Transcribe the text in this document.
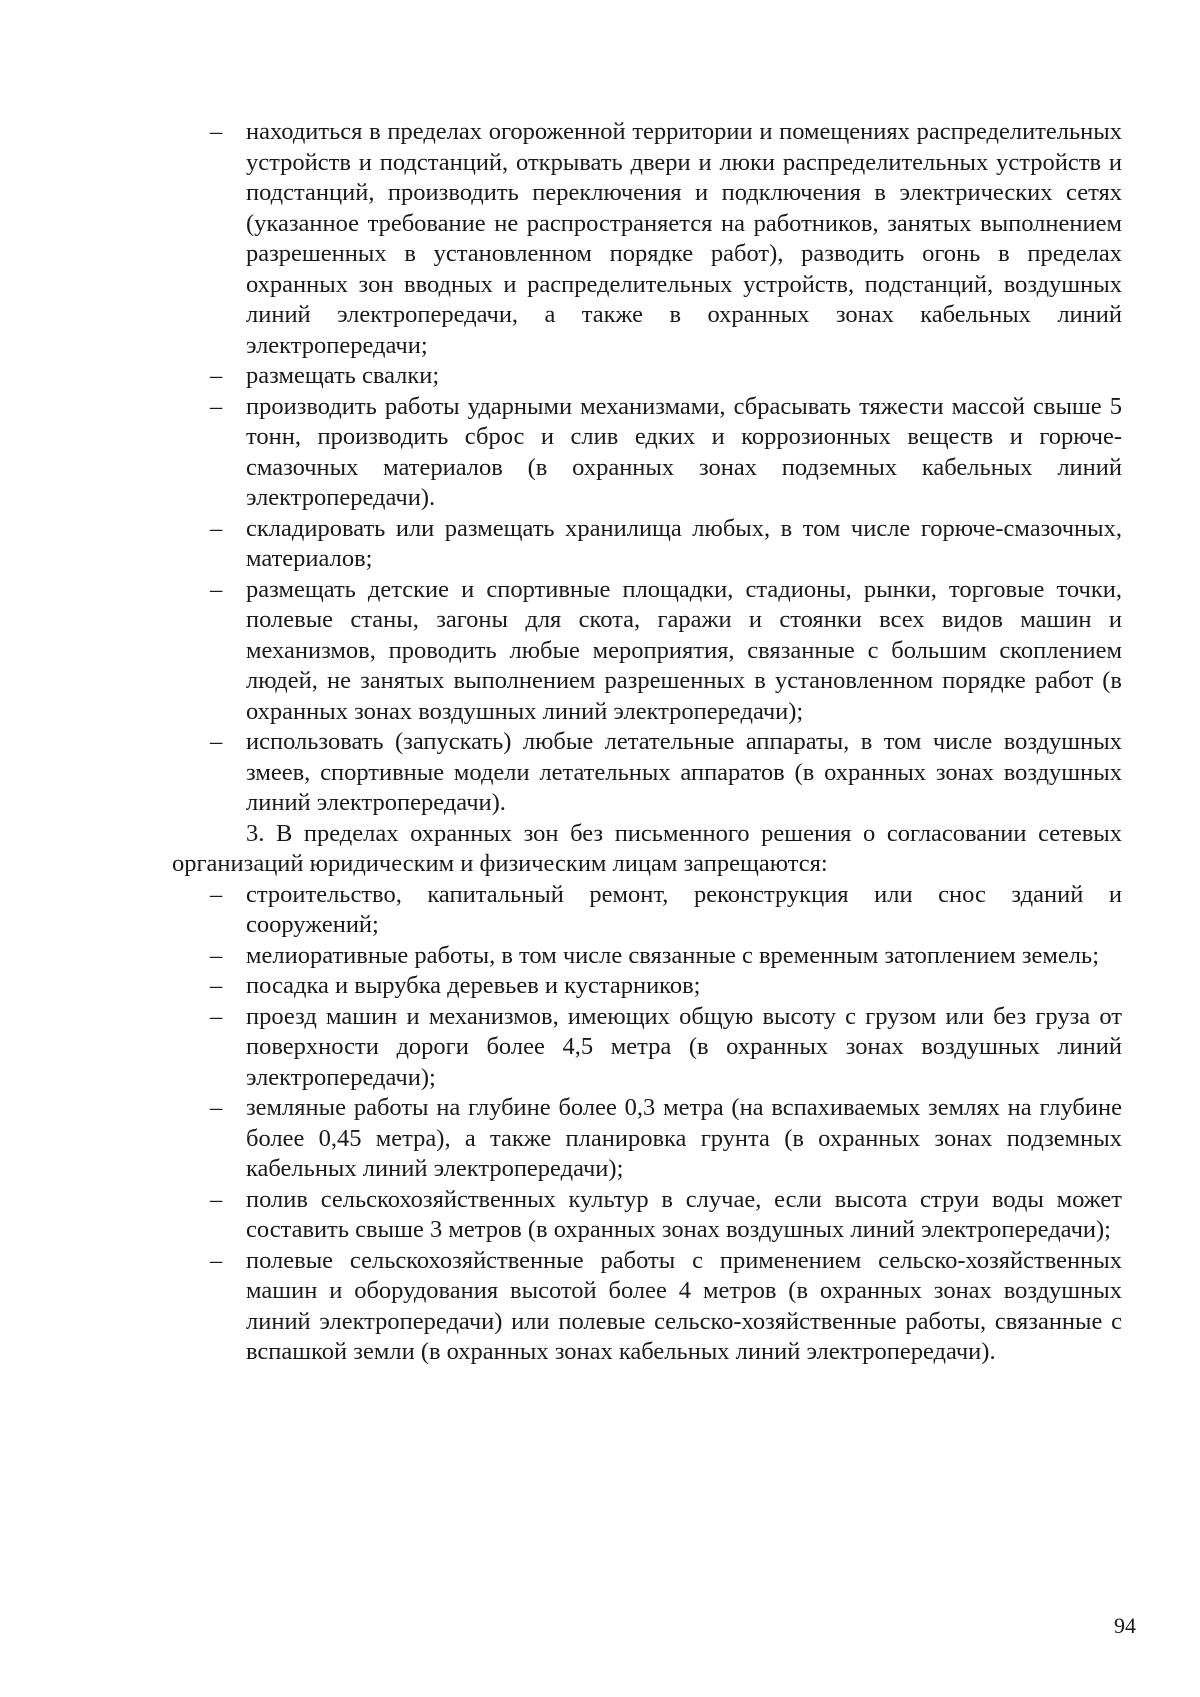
– находиться в пределах огороженной территории и помещениях распределительных устройств и подстанций, открывать двери и люки распределительных устройств и подстанций, производить переключения и подключения в электрических сетях (указанное требование не распространяется на работников, занятых выполнением разрешенных в установленном порядке работ), разводить огонь в пределах охранных зон вводных и распределительных устройств, подстанций, воздушных линий электропередачи, а также в охранных зонах кабельных линий электропередачи;
– размещать свалки;
– производить работы ударными механизмами, сбрасывать тяжести массой свыше 5 тонн, производить сброс и слив едких и коррозионных веществ и горюче-смазочных материалов (в охранных зонах подземных кабельных линий электропередачи).
– складировать или размещать хранилища любых, в том числе горюче-смазочных, материалов;
– размещать детские и спортивные площадки, стадионы, рынки, торговые точки, полевые станы, загоны для скота, гаражи и стоянки всех видов машин и механизмов, проводить любые мероприятия, связанные с большим скоплением людей, не занятых выполнением разрешенных в установленном порядке работ (в охранных зонах воздушных линий электропередачи);
– использовать (запускать) любые летательные аппараты, в том числе воздушных змеев, спортивные модели летательных аппаратов (в охранных зонах воздушных линий электропередачи).

3. В пределах охранных зон без письменного решения о согласовании сетевых организаций юридическим и физическим лицам запрещаются:

– строительство, капитальный ремонт, реконструкция или снос зданий и сооружений;
– мелиоративные работы, в том числе связанные с временным затоплением земель;
– посадка и вырубка деревьев и кустарников;
– проезд машин и механизмов, имеющих общую высоту с грузом или без груза от поверхности дороги более 4,5 метра (в охранных зонах воздушных линий электропередачи);
– земляные работы на глубине более 0,3 метра (на вспахиваемых землях на глубине более 0,45 метра), а также планировка грунта (в охранных зонах подземных кабельных линий электропередачи);
– полив сельскохозяйственных культур в случае, если высота струи воды может составить свыше 3 метров (в охранных зонах воздушных линий электропередачи);
– полевые сельскохозяйственные работы с применением сельско-хозяйственных машин и оборудования высотой более 4 метров (в охранных зонах воздушных линий электропередачи) или полевые сельско-хозяйственные работы, связанные с вспашкой земли (в охранных зонах кабельных линий электропередачи).
94
